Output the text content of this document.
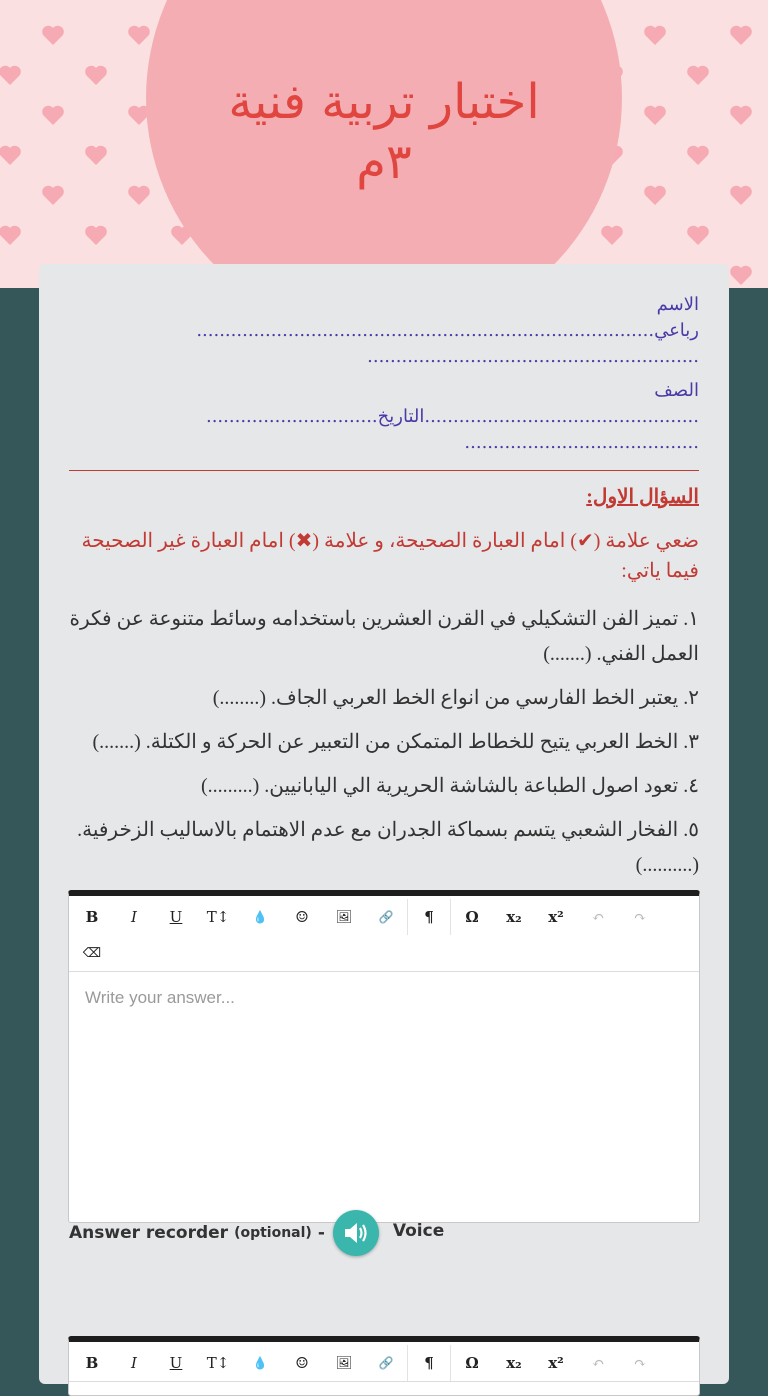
اختبار تربية فنية
٣م
الاسم
رباعي................................................................................
..........................................................
الصف
................................................التاريخ..............................
.........................................
السؤال الاول:
ضعي علامة (✔) امام العبارة الصحيحة، و علامة (✖) امام العبارة غير الصحيحة فيما ياتي:

١. تميز الفن التشكيلي في القرن العشرين باستخدامه وسائط متنوعة عن فكرة العمل الفني. (.......)

٢. يعتبر الخط الفارسي من انواع الخط العربي الجاف. (........)

٣. الخط العربي يتيح للخطاط المتمكن من التعبير عن الحركة و الكتلة. (.......)

٤. تعود اصول الطباعة بالشاشة الحريرية الي اليابانيين. (.........)

٥. الفخار الشعبي يتسم بسماكة الجدران مع عدم الاهتمام بالاساليب الزخرفية. (..........)

B	I	U	T↕	💧	☺	🖼	🔗	¶	Ω	x₂	x²	↶	↷
⌫
Write your answer...
Answer recorder (optional) -	Voice
B	I	U	T↕	💧	☺	🖼	🔗	¶	Ω	x₂	x²	↶	↷
